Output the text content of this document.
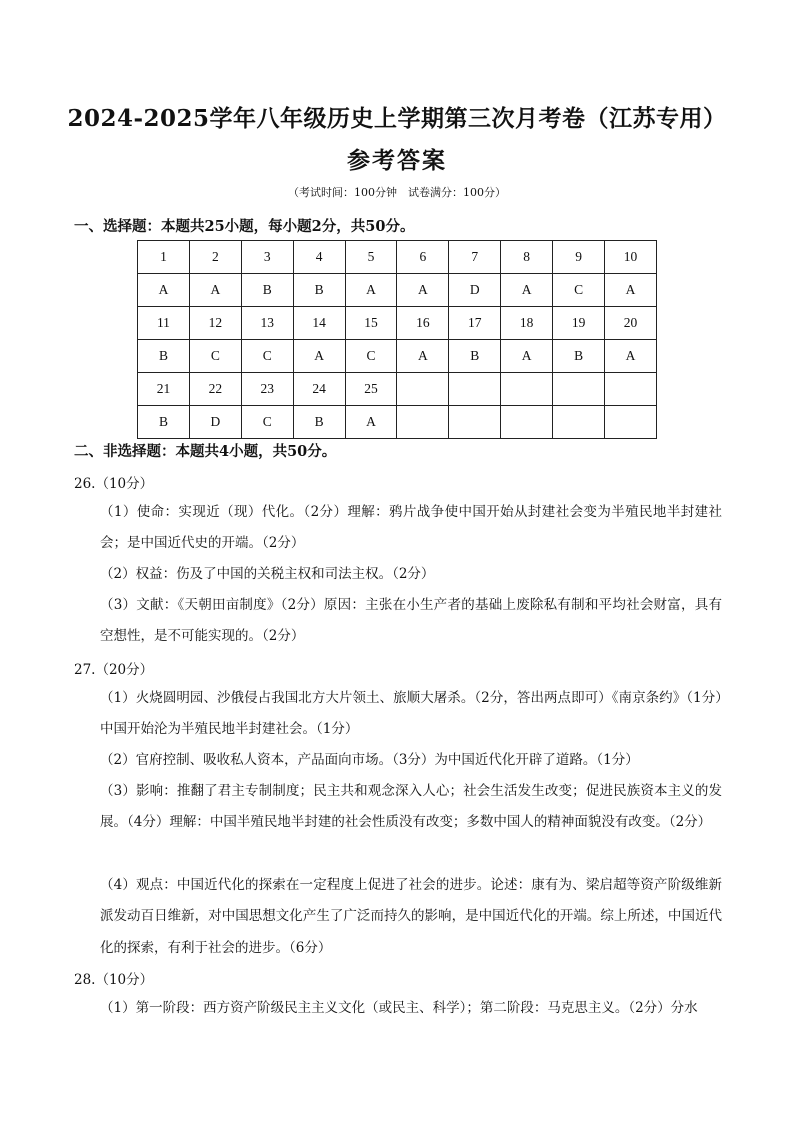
2024-2025学年八年级历史上学期第三次月考卷（江苏专用）
参考答案
（考试时间：100分钟　试卷满分：100分）
一、选择题：本题共25小题，每小题2分，共50分。
1	2	3	4	5	6	7	8	9	10
A	A	B	B	A	A	D	A	C	A
11	12	13	14	15	16	17	18	19	20
B	C	C	A	C	A	B	A	B	A
21	22	23	24	25					
B	D	C	B	A					
二、非选择题：本题共4小题，共50分。
26.（10分）
（1）使命：实现近（现）代化。（2分）理解：鸦片战争使中国开始从封建社会变为半殖民地半封建社会；是中国近代史的开端。（2分）
（2）权益：伤及了中国的关税主权和司法主权。（2分）
（3）文献：《天朝田亩制度》（2分）原因：主张在小生产者的基础上废除私有制和平均社会财富，具有空想性，是不可能实现的。（2分）
27.（20分）
（1）火烧圆明园、沙俄侵占我国北方大片领土、旅顺大屠杀。（2分，答出两点即可）《南京条约》（1分）中国开始沦为半殖民地半封建社会。（1分）
（2）官府控制、吸收私人资本，产品面向市场。（3分）为中国近代化开辟了道路。（1分）
（3）影响：推翻了君主专制制度；民主共和观念深入人心；社会生活发生改变；促进民族资本主义的发展。（4分）理解：中国半殖民地半封建的社会性质没有改变；多数中国人的精神面貌没有改变。（2分）
（4）观点：中国近代化的探索在一定程度上促进了社会的进步。论述：康有为、梁启超等资产阶级维新派发动百日维新，对中国思想文化产生了广泛而持久的影响，是中国近代化的开端。综上所述，中国近代化的探索，有利于社会的进步。（6分）
28.（10分）
（1）第一阶段：西方资产阶级民主主义文化（或民主、科学）；第二阶段：马克思主义。（2分）分水
